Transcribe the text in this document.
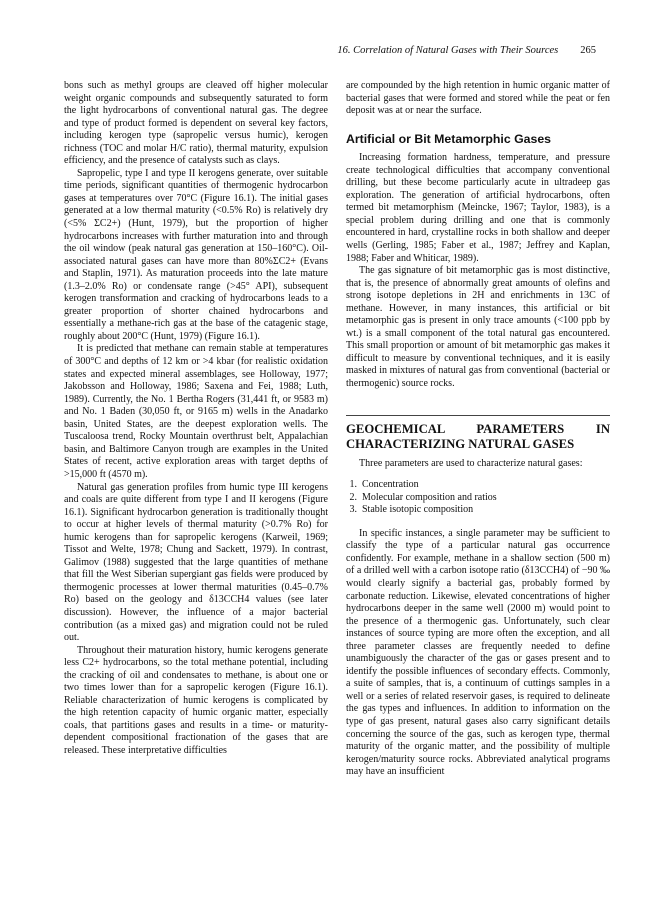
16. Correlation of Natural Gases with Their Sources 265

bons such as methyl groups are cleaved off higher molecular weight organic compounds and subsequently saturated to form the light hydrocarbons of conventional natural gas. The degree and type of product formed is dependent on several key factors, including kerogen type (sapropelic versus humic), kerogen richness (TOC and molar H/C ratio), thermal maturity, expulsion efficiency, and the presence of catalysts such as clays.

Sapropelic, type I and type II kerogens generate, over suitable time periods, significant quantities of thermogenic hydrocarbon gases at temperatures over 70°C (Figure 16.1). The initial gases generated at a low thermal maturity (<0.5% Ro) is relatively dry (<5% ΣC2+) (Hunt, 1979), but the proportion of higher hydrocarbons increases with further maturation into and through the oil window (peak natural gas generation at 150–160°C). Oil-associated natural gases can have more than 80%ΣC2+ (Evans and Staplin, 1971). As maturation proceeds into the late mature (1.3–2.0% Ro) or condensate range (>45° API), subsequent kerogen transformation and cracking of hydrocarbons leads to a greater proportion of shorter chained hydrocarbons and essentially a methane-rich gas at the base of the catagenic stage, roughly about 200°C (Hunt, 1979) (Figure 16.1).

It is predicted that methane can remain stable at temperatures of 300°C and depths of 12 km or >4 kbar (for realistic oxidation states and expected mineral assemblages, see Holloway, 1977; Jakobsson and Holloway, 1986; Saxena and Fei, 1988; Luth, 1989). Currently, the No. 1 Bertha Rogers (31,441 ft, or 9583 m) and No. 1 Baden (30,050 ft, or 9165 m) wells in the Anadarko basin, United States, are the deepest exploration wells. The Tuscaloosa trend, Rocky Mountain overthrust belt, Appalachian basin, and Baltimore Canyon trough are examples in the United States of recent, active exploration areas with target depths of >15,000 ft (4570 m).

Natural gas generation profiles from humic type III kerogens and coals are quite different from type I and II kerogens (Figure 16.1). Significant hydrocarbon generation is traditionally thought to occur at higher levels of thermal maturity (>0.7% Ro) for humic kerogens than for sapropelic kerogens (Karweil, 1969; Tissot and Welte, 1978; Chung and Sackett, 1979). In contrast, Galimov (1988) suggested that the large quantities of methane that fill the West Siberian supergiant gas fields were produced by thermogenic processes at lower thermal maturities (0.45–0.7% Ro) based on the geology and δ13CCH4 values (see later discussion). However, the influence of a major bacterial contribution (as a mixed gas) and migration could not be ruled out.

Throughout their maturation history, humic kerogens generate less C2+ hydrocarbons, so the total methane potential, including the cracking of oil and condensates to methane, is about one or two times lower than for a sapropelic kerogen (Figure 16.1). Reliable characterization of humic kerogens is complicated by the high retention capacity of humic organic matter, especially coals, that partitions gases and results in a time- or maturity-dependent compositional fractionation of the gases that are released. These interpretative difficulties

are compounded by the high retention in humic organic matter of bacterial gases that were formed and stored while the peat or fen deposit was at or near the surface.

Artificial or Bit Metamorphic Gases

Increasing formation hardness, temperature, and pressure create technological difficulties that accompany conventional drilling, but these become particularly acute in ultradeep gas exploration. The generation of artificial hydrocarbons, often termed bit metamorphism (Meincke, 1967; Taylor, 1983), is a special problem during drilling and one that is commonly encountered in hard, crystalline rocks in both shallow and deeper wells (Gerling, 1985; Faber et al., 1987; Jeffrey and Kaplan, 1988; Faber and Whiticar, 1989).

The gas signature of bit metamorphic gas is most distinctive, that is, the presence of abnormally great amounts of olefins and strong isotope depletions in 2H and enrichments in 13C of methane. However, in many instances, this artificial or bit metamorphic gas is present in only trace amounts (<100 ppb by wt.) is a small component of the total natural gas encountered. This small proportion or amount of bit metamorphic gas makes it difficult to measure by conventional techniques, and it is easily masked in mixtures of natural gas from conventional (bacterial or thermogenic) source rocks.

GEOCHEMICAL PARAMETERS IN CHARACTERIZING NATURAL GASES

Three parameters are used to characterize natural gases:

1. Concentration
2. Molecular composition and ratios
3. Stable isotopic composition

In specific instances, a single parameter may be sufficient to classify the type of a particular natural gas occurrence confidently. For example, methane in a shallow section (500 m) of a drilled well with a carbon isotope ratio (δ13CCH4) of −90 ‰ would clearly signify a bacterial gas, probably formed by carbonate reduction. Likewise, elevated concentrations of higher hydrocarbons deeper in the same well (2000 m) would point to the presence of a thermogenic gas. Unfortunately, such clear instances of source typing are more often the exception, and all three parameter classes are frequently needed to define unambiguously the character of the gas or gases present and to identify the possible influences of secondary effects. Commonly, a suite of samples, that is, a continuum of cuttings samples in a well or a series of related reservoir gases, is required to delineate the gas types and influences. In addition to information on the type of gas present, natural gases also carry significant details concerning the source of the gas, such as kerogen type, thermal maturity of the organic matter, and the possibility of multiple kerogen/maturity source rocks. Abbreviated analytical programs may have an insufficient
